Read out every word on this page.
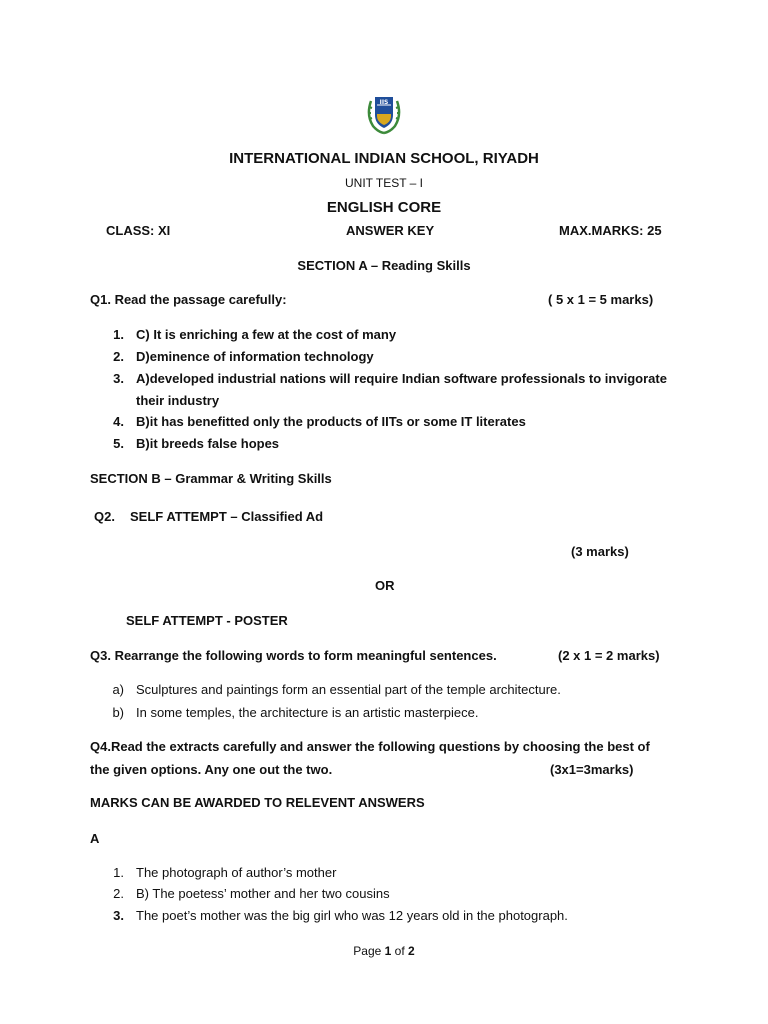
IIS
INTERNATIONAL INDIAN SCHOOL, RIYADH
UNIT TEST – I
ENGLISH CORE
CLASS: XI	ANSWER KEY	MAX.MARKS: 25
SECTION A – Reading Skills
Q1. Read the passage carefully:	( 5 x 1 = 5 marks)
1. C) It is enriching a few at the cost of many
2. D)eminence of information technology
3. A)developed industrial nations will require Indian software professionals to invigorate
their industry
4. B)it has benefitted only the products of IITs or some IT literates
5. B)it breeds false hopes
SECTION B – Grammar & Writing Skills
Q2. SELF ATTEMPT – Classified Ad
(3 marks)
OR
SELF ATTEMPT - POSTER
Q3. Rearrange the following words to form meaningful sentences.	(2 x 1 = 2 marks)
a) Sculptures and paintings form an essential part of the temple architecture.
b) In some temples, the architecture is an artistic masterpiece.
Q4.Read the extracts carefully and answer the following questions by choosing the best of
the given options. Any one out the two.	(3x1=3marks)
MARKS CAN BE AWARDED TO RELEVENT ANSWERS
A
1. The photograph of author’s mother
2. B) The poetess’ mother and her two cousins
3. The poet’s mother was the big girl who was 12 years old in the photograph.
Page 1 of 2
